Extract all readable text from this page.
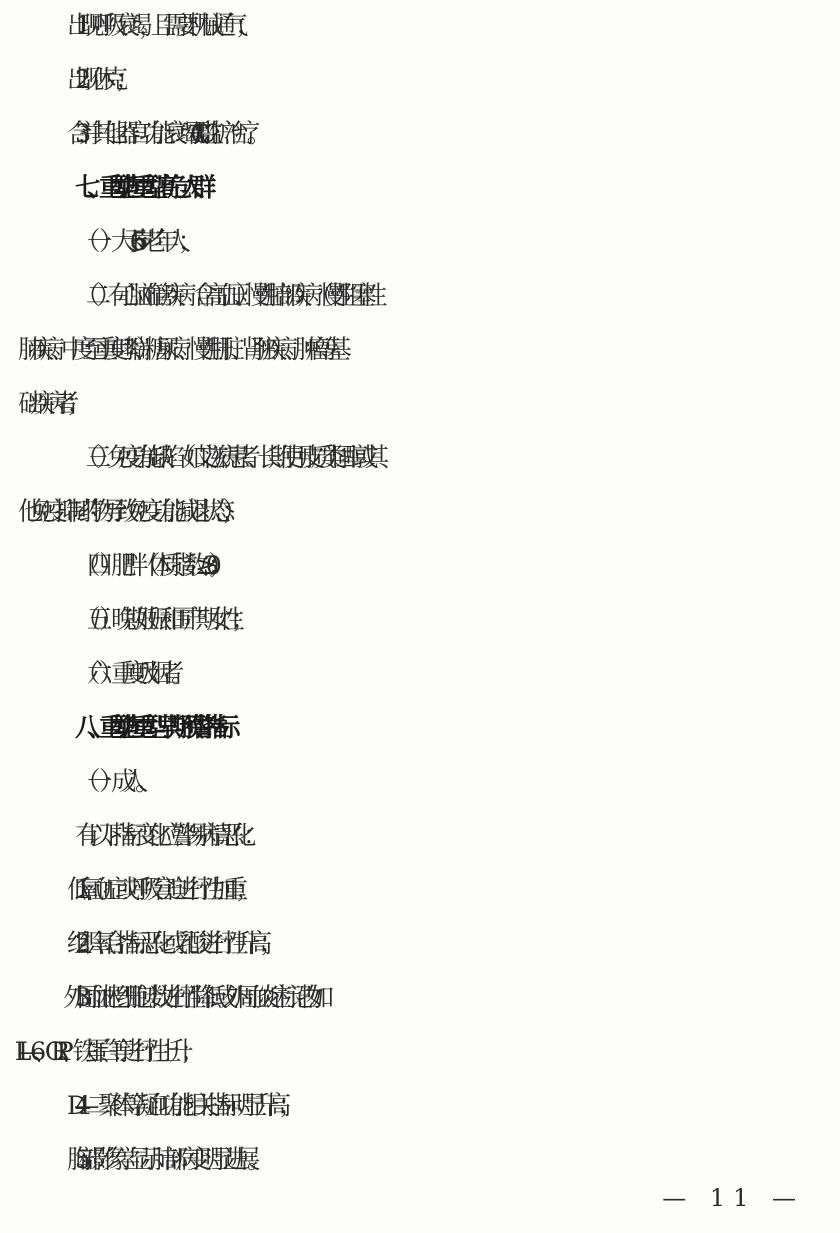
1. 出现呼吸衰竭，且需要机械通气；
2. 出现休克；
3. 合并其他器官功能衰竭需 ICU 监护治疗。
七、重型/危重型高危人群
（一）大于 65 岁老年人；
（二）有心脑血管疾病（含高血压）、慢性肺部疾病（慢性阻塞性
肺疾病、中度至重度哮喘）、糖尿病、慢性肝脏、肾脏疾病、肿瘤等基
础疾病者；
（三）免疫功能缺陷（如艾滋病患者、长期使用皮质类固醇或其
他免疫抑制药物导致免疫功能减退状态）；
（四）肥胖（体质指数≥30）；
（五）晚期妊娠和围产期女性；
（六）重度吸烟者。
八、重型/危重型早期预警指标
（一）成人。
有以下指标变化应警惕病情恶化：
1. 低氧血症或呼吸窘迫进行性加重；
2. 组织氧合指标恶化或乳酸进行性升高；
3. 外周血淋巴细胞计数进行性降低或外周血炎症标记物如
IL—6、CRP、铁蛋白等进行性上升；
4. D—二聚体等凝血功能相关指标明显升高；
5. 胸部影像学显示肺部病变明显进展。
— 11 —
